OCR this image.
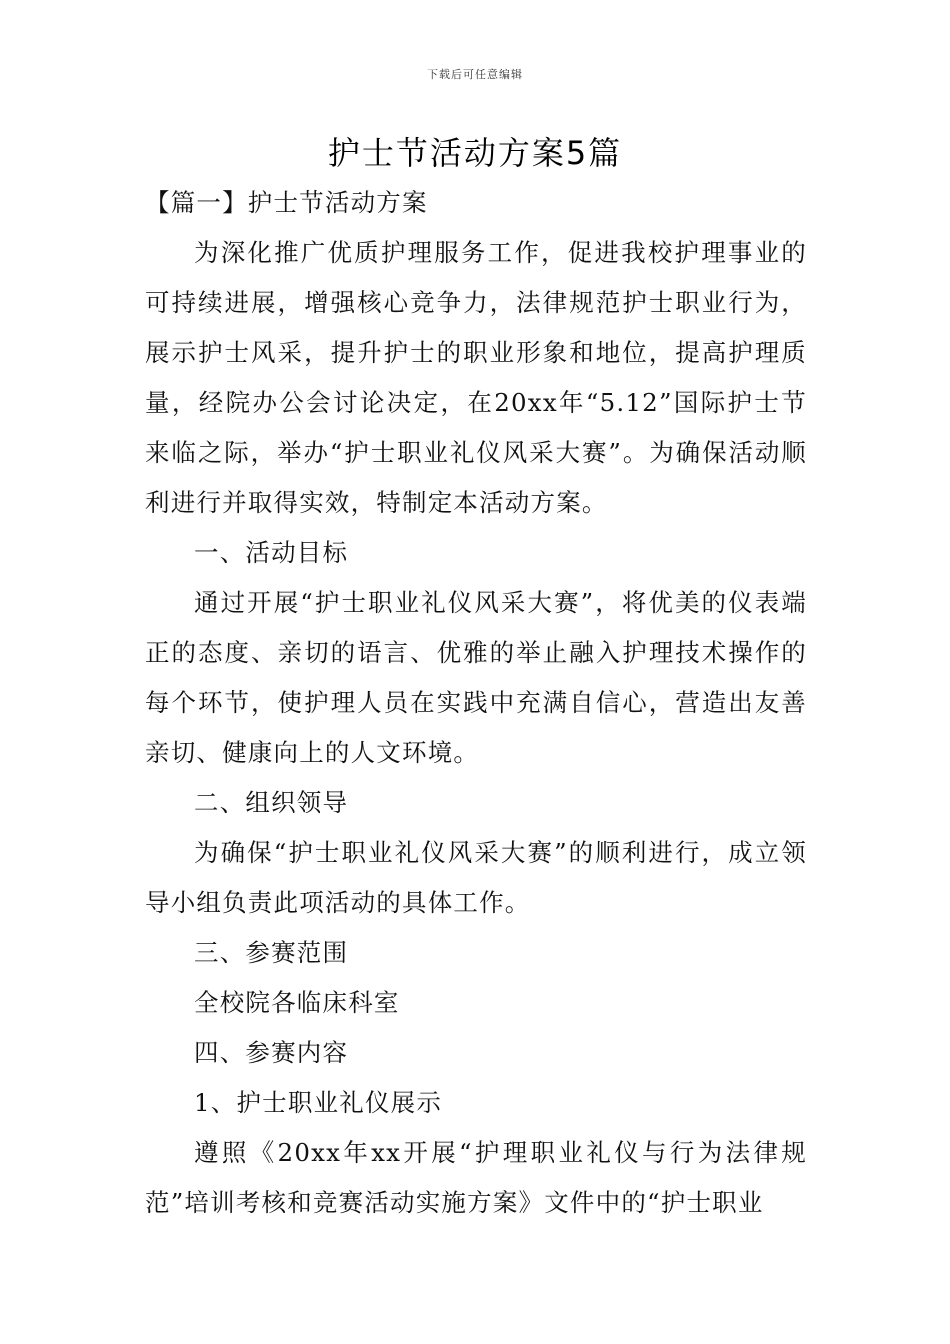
下载后可任意编辑
护士节活动方案5篇

【篇一】护士节活动方案

为深化推广优质护理服务工作，促进我校护理事业的可持续进展，增强核心竞争力，法律规范护士职业行为，展示护士风采，提升护士的职业形象和地位，提高护理质量，经院办公会讨论决定，在20xx年“5.12”国际护士节来临之际，举办“护士职业礼仪风采大赛”。为确保活动顺利进行并取得实效，特制定本活动方案。

一、活动目标

通过开展“护士职业礼仪风采大赛”，将优美的仪表端正的态度、亲切的语言、优雅的举止融入护理技术操作的每个环节，使护理人员在实践中充满自信心，营造出友善亲切、健康向上的人文环境。

二、组织领导

为确保“护士职业礼仪风采大赛”的顺利进行，成立领导小组负责此项活动的具体工作。

三、参赛范围

全校院各临床科室

四、参赛内容

1、护士职业礼仪展示

遵照《20xx年xx开展“护理职业礼仪与行为法律规范”培训考核和竞赛活动实施方案》文件中的“护士职业
